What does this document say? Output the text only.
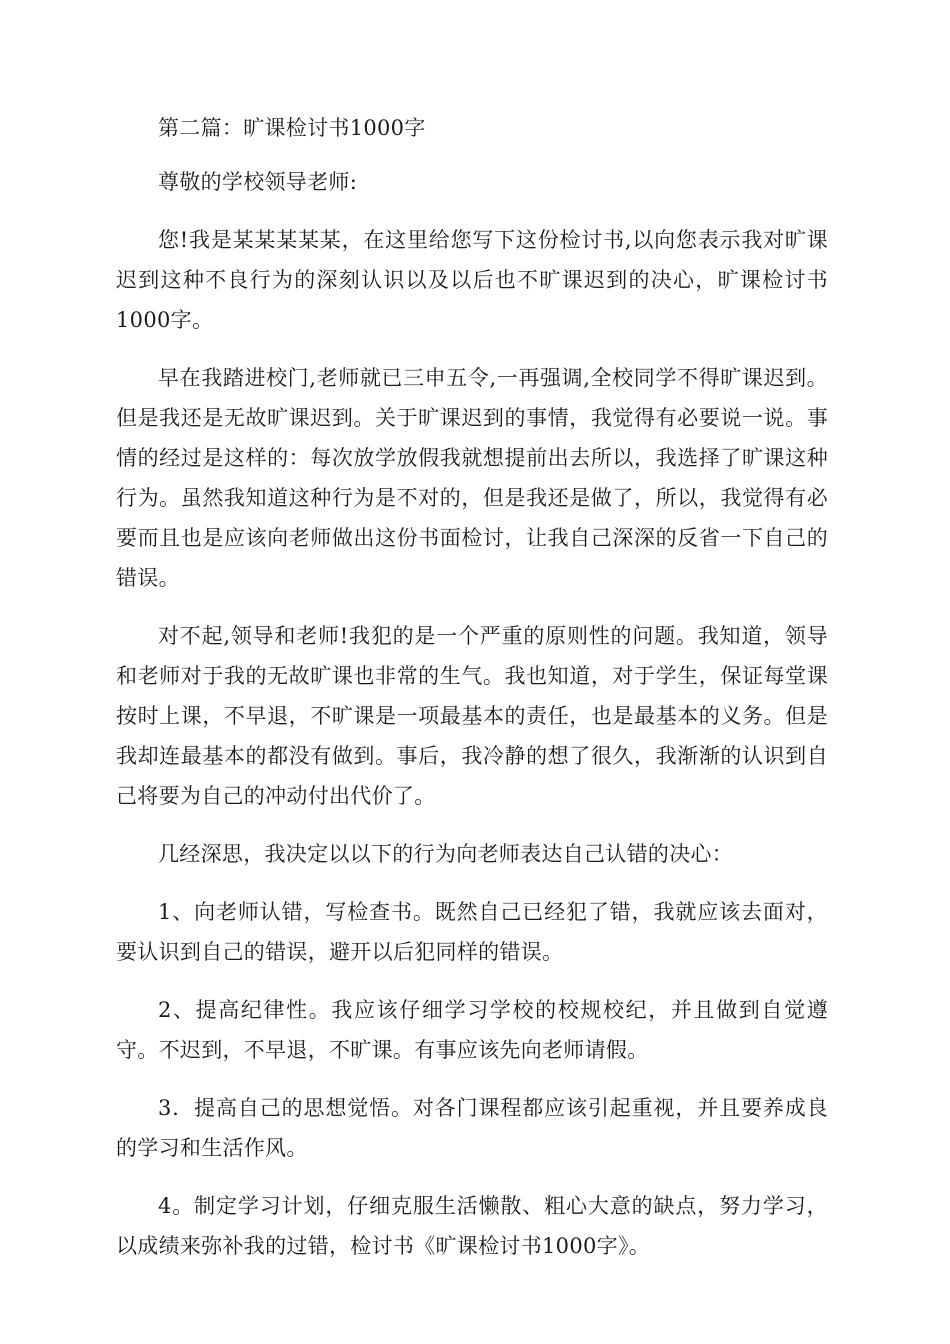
第二篇：旷课检讨书1000字

尊敬的学校领导老师:

您!我是某某某某某，在这里给您写下这份检讨书,以向您表示我对旷课迟到这种不良行为的深刻认识以及以后也不旷课迟到的决心，旷课检讨书1000字。

早在我踏进校门,老师就已三申五令,一再强调,全校同学不得旷课迟到。但是我还是无故旷课迟到。关于旷课迟到的事情，我觉得有必要说一说。事情的经过是这样的：每次放学放假我就想提前出去所以，我选择了旷课这种行为。虽然我知道这种行为是不对的，但是我还是做了，所以，我觉得有必要而且也是应该向老师做出这份书面检讨，让我自己深深的反省一下自己的错误。

对不起,领导和老师!我犯的是一个严重的原则性的问题。我知道，领导和老师对于我的无故旷课也非常的生气。我也知道，对于学生，保证每堂课按时上课，不早退，不旷课是一项最基本的责任，也是最基本的义务。但是我却连最基本的都没有做到。事后，我冷静的想了很久，我渐渐的认识到自己将要为自己的冲动付出代价了。

几经深思，我决定以以下的行为向老师表达自己认错的决心：

1、向老师认错，写检查书。既然自己已经犯了错，我就应该去面对，要认识到自己的错误，避开以后犯同样的错误。

2、提高纪律性。我应该仔细学习学校的校规校纪，并且做到自觉遵守。不迟到，不早退，不旷课。有事应该先向老师请假。

3．提高自己的思想觉悟。对各门课程都应该引起重视，并且要养成良的学习和生活作风。

4。制定学习计划，仔细克服生活懒散、粗心大意的缺点，努力学习，以成绩来弥补我的过错，检讨书《旷课检讨书1000字》。
